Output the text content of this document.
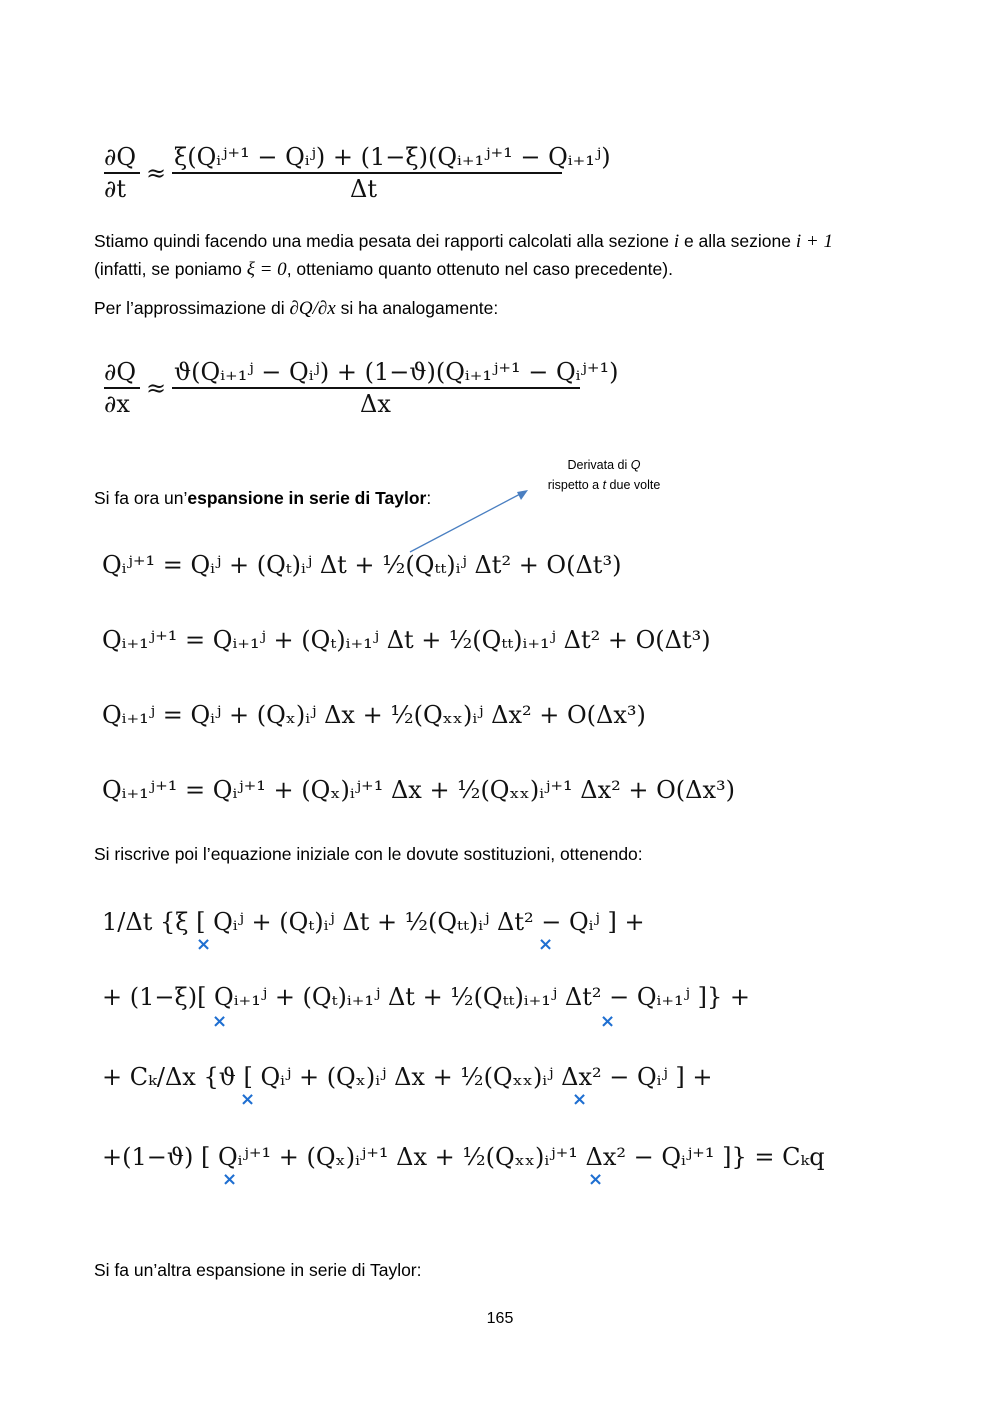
∂Q
∂t
≈
ξ(Qᵢʲ⁺¹ − Qᵢʲ) + (1−ξ)(Qᵢ₊₁ʲ⁺¹ − Qᵢ₊₁ʲ)
Δt
Stiamo quindi facendo una media pesata dei rapporti calcolati alla sezione i e alla sezione i + 1
(infatti, se poniamo ξ = 0, otteniamo quanto ottenuto nel caso precedente).
Per l’approssimazione di ∂Q/∂x si ha analogamente:
∂Q
∂x
≈
ϑ(Qᵢ₊₁ʲ − Qᵢʲ) + (1−ϑ)(Qᵢ₊₁ʲ⁺¹ − Qᵢʲ⁺¹)
Δx
Derivata di Q
rispetto a t due volte
Si fa ora un’espansione in serie di Taylor:
Qᵢʲ⁺¹ = Qᵢʲ + (Qₜ)ᵢʲ Δt + ½(Qₜₜ)ᵢʲ Δt² + O(Δt³)
Qᵢ₊₁ʲ⁺¹ = Qᵢ₊₁ʲ + (Qₜ)ᵢ₊₁ʲ Δt + ½(Qₜₜ)ᵢ₊₁ʲ Δt² + O(Δt³)
Qᵢ₊₁ʲ = Qᵢʲ + (Qₓ)ᵢʲ Δx + ½(Qₓₓ)ᵢʲ Δx² + O(Δx³)
Qᵢ₊₁ʲ⁺¹ = Qᵢʲ⁺¹ + (Qₓ)ᵢʲ⁺¹ Δx + ½(Qₓₓ)ᵢʲ⁺¹ Δx² + O(Δx³)
Si riscrive poi l’equazione iniziale con le dovute sostituzioni, ottenendo:
1/Δt {ξ [ Qᵢʲ + (Qₜ)ᵢʲ Δt + ½(Qₜₜ)ᵢʲ Δt² − Qᵢʲ ] +
×	×
+ (1−ξ)[ Qᵢ₊₁ʲ + (Qₜ)ᵢ₊₁ʲ Δt + ½(Qₜₜ)ᵢ₊₁ʲ Δt² − Qᵢ₊₁ʲ ]} +
×	×
+ Cₖ/Δx {ϑ [ Qᵢʲ + (Qₓ)ᵢʲ Δx + ½(Qₓₓ)ᵢʲ Δx² − Qᵢʲ ] +
×	×
+(1−ϑ) [ Qᵢʲ⁺¹ + (Qₓ)ᵢʲ⁺¹ Δx + ½(Qₓₓ)ᵢʲ⁺¹ Δx² − Qᵢʲ⁺¹ ]} = Cₖq
×	×
Si fa un’altra espansione in serie di Taylor:
165
